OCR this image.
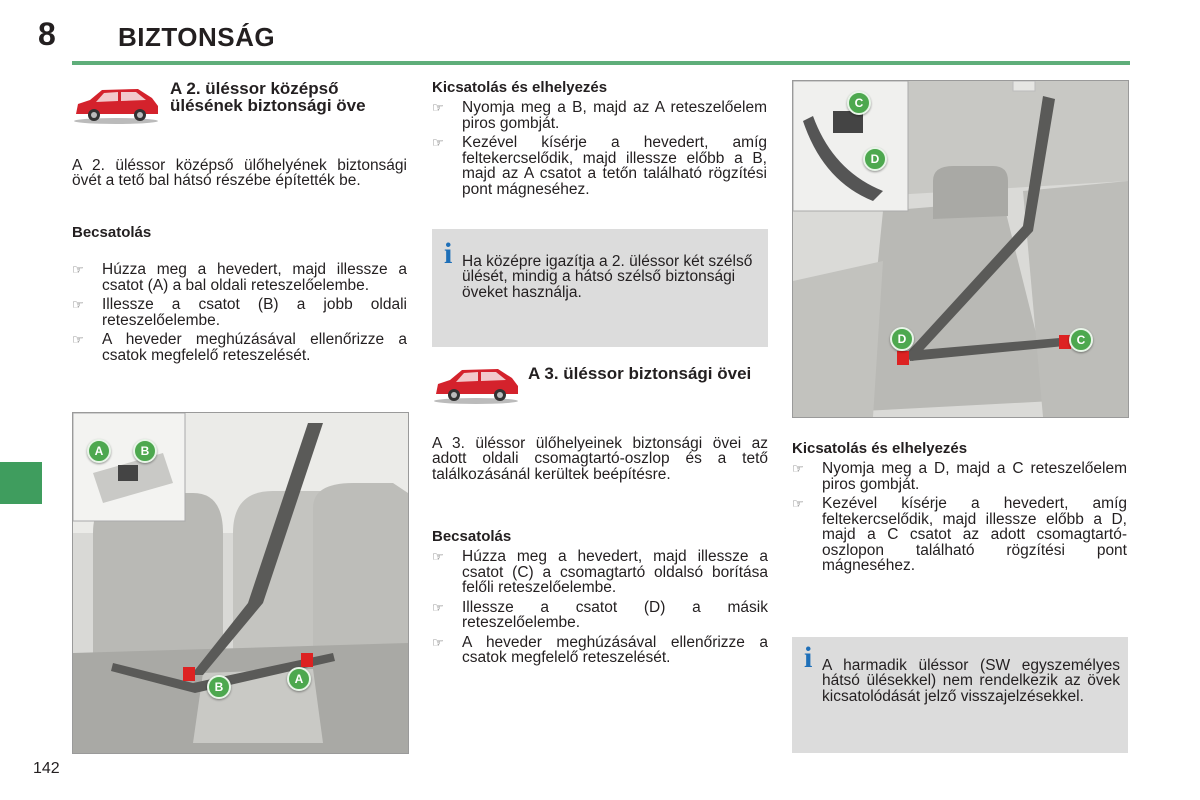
8 BIZTONSÁG
142
A 2. üléssor középső ülésének biztonsági öve

A 2. üléssor középső ülőhelyének biztonsági övét a tető bal hátsó részébe építették be.

Becsatolás

☞ Húzza meg a hevedert, majd illessze a csatot (A) a bal oldali reteszelőelembe.

☞ Illessze a csatot (B) a jobb oldali reteszelőelembe.

☞ A heveder meghúzásával ellenőrizze a csatok megfelelő reteszelését.

A	B
B
A
Kicsatolás és elhelyezés

☞ Nyomja meg a B, majd az A reteszelőelem piros gombját.

☞ Kezével kísérje a hevedert, amíg feltekercselődik, majd illessze előbb a B, majd az A csatot a tetőn található rögzítési pont mágneséhez.

i Ha középre igazítja a 2. üléssor két szélső ülését, mindig a hátsó szélső biztonsági öveket használja.

A 3. üléssor biztonsági övei

A 3. üléssor ülőhelyeinek biztonsági övei az adott oldali csomagtartó-oszlop és a tető találkozásánál kerültek beépítésre.

Becsatolás

☞ Húzza meg a hevedert, majd illessze a csatot (C) a csomagtartó oldalsó borítása felőli reteszelőelembe.

☞ Illessze a csatot (D) a másik reteszelőelembe.

☞ A heveder meghúzásával ellenőrizze a csatok megfelelő reteszelését.

C
D
D	C
Kicsatolás és elhelyezés

☞ Nyomja meg a D, majd a C reteszelőelem piros gombját.

☞ Kezével kísérje a hevedert, amíg feltekercselődik, majd illessze előbb a D, majd a C csatot az adott csomagtartó-oszlopon található rögzítési pont mágneséhez.

i A harmadik üléssor (SW egyszemélyes hátsó ülésekkel) nem rendelkezik az övek kicsatolódását jelző visszajelzésekkel.
